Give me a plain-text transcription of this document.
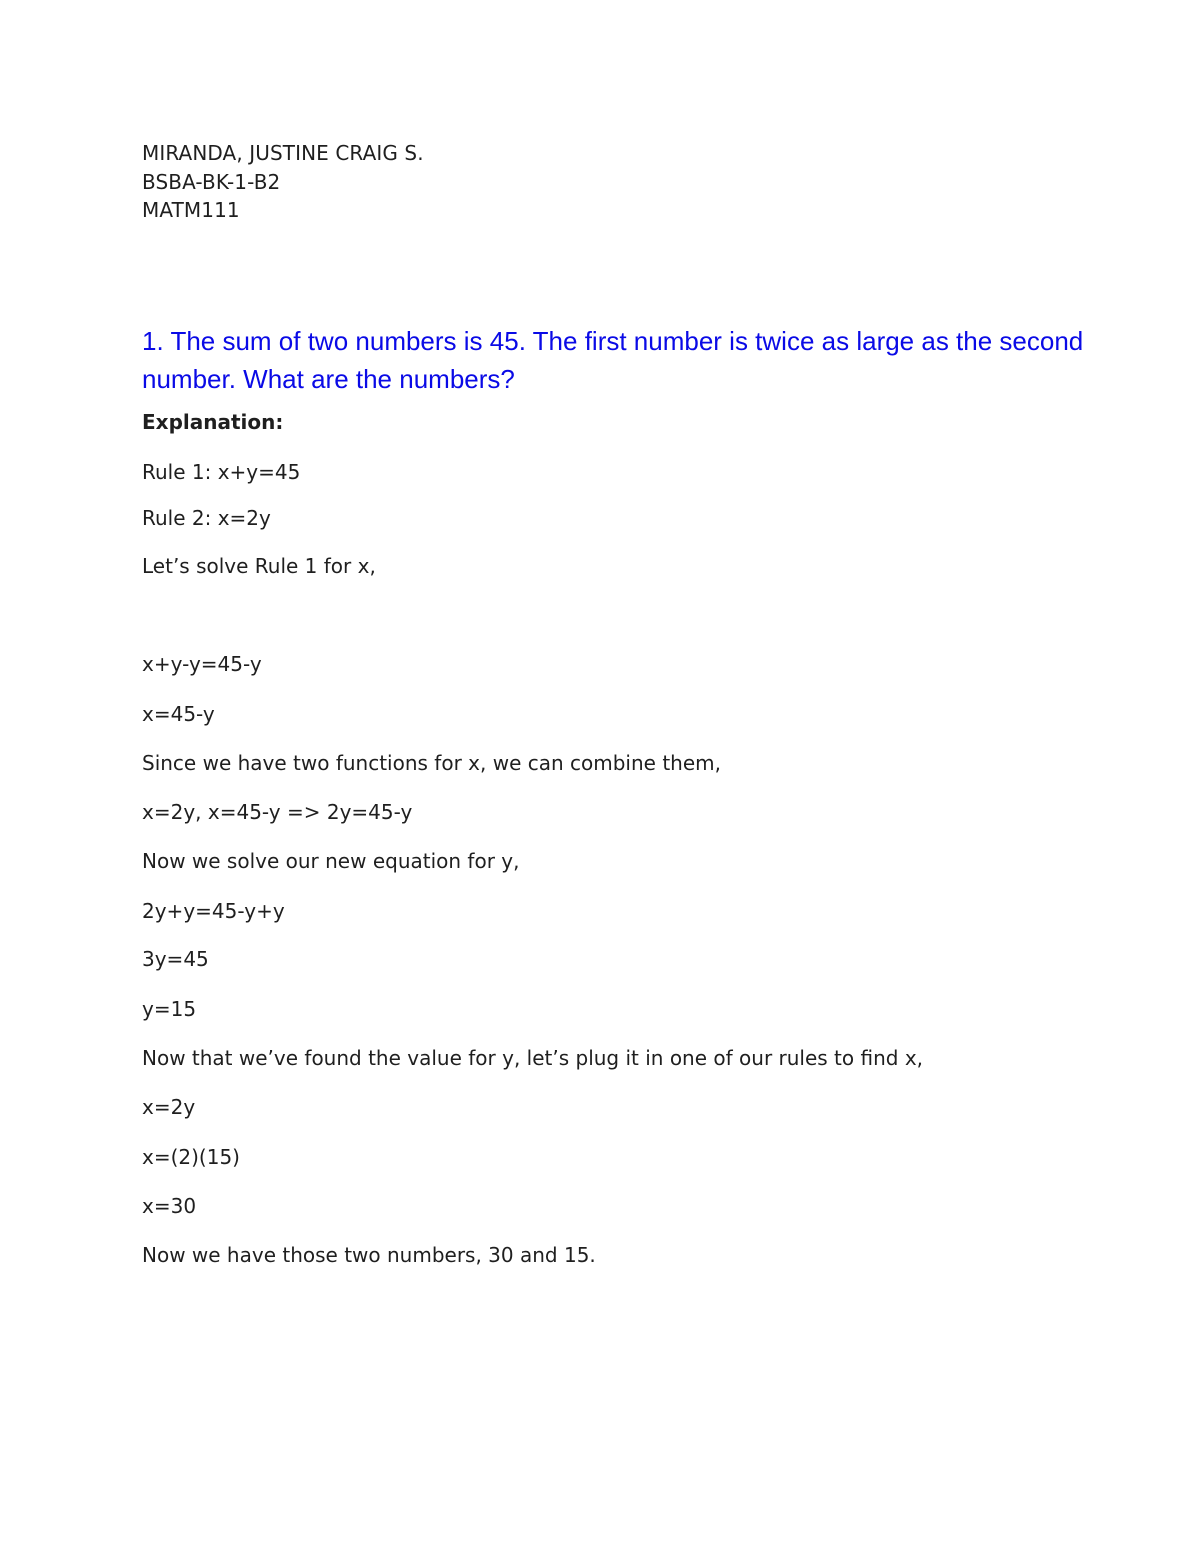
MIRANDA, JUSTINE CRAIG S.
BSBA-BK-1-B2
MATM111
1. The sum of two numbers is 45. The first number is twice as large as the second number. What are the numbers?
Explanation:
Rule 1: x+y=45
Rule 2: x=2y
Let’s solve Rule 1 for x,
x+y-y=45-y
x=45-y
Since we have two functions for x, we can combine them,
x=2y, x=45-y => 2y=45-y
Now we solve our new equation for y,
2y+y=45-y+y
3y=45
y=15
Now that we’ve found the value for y, let’s plug it in one of our rules to find x,
x=2y
x=(2)(15)
x=30
Now we have those two numbers, 30 and 15.
